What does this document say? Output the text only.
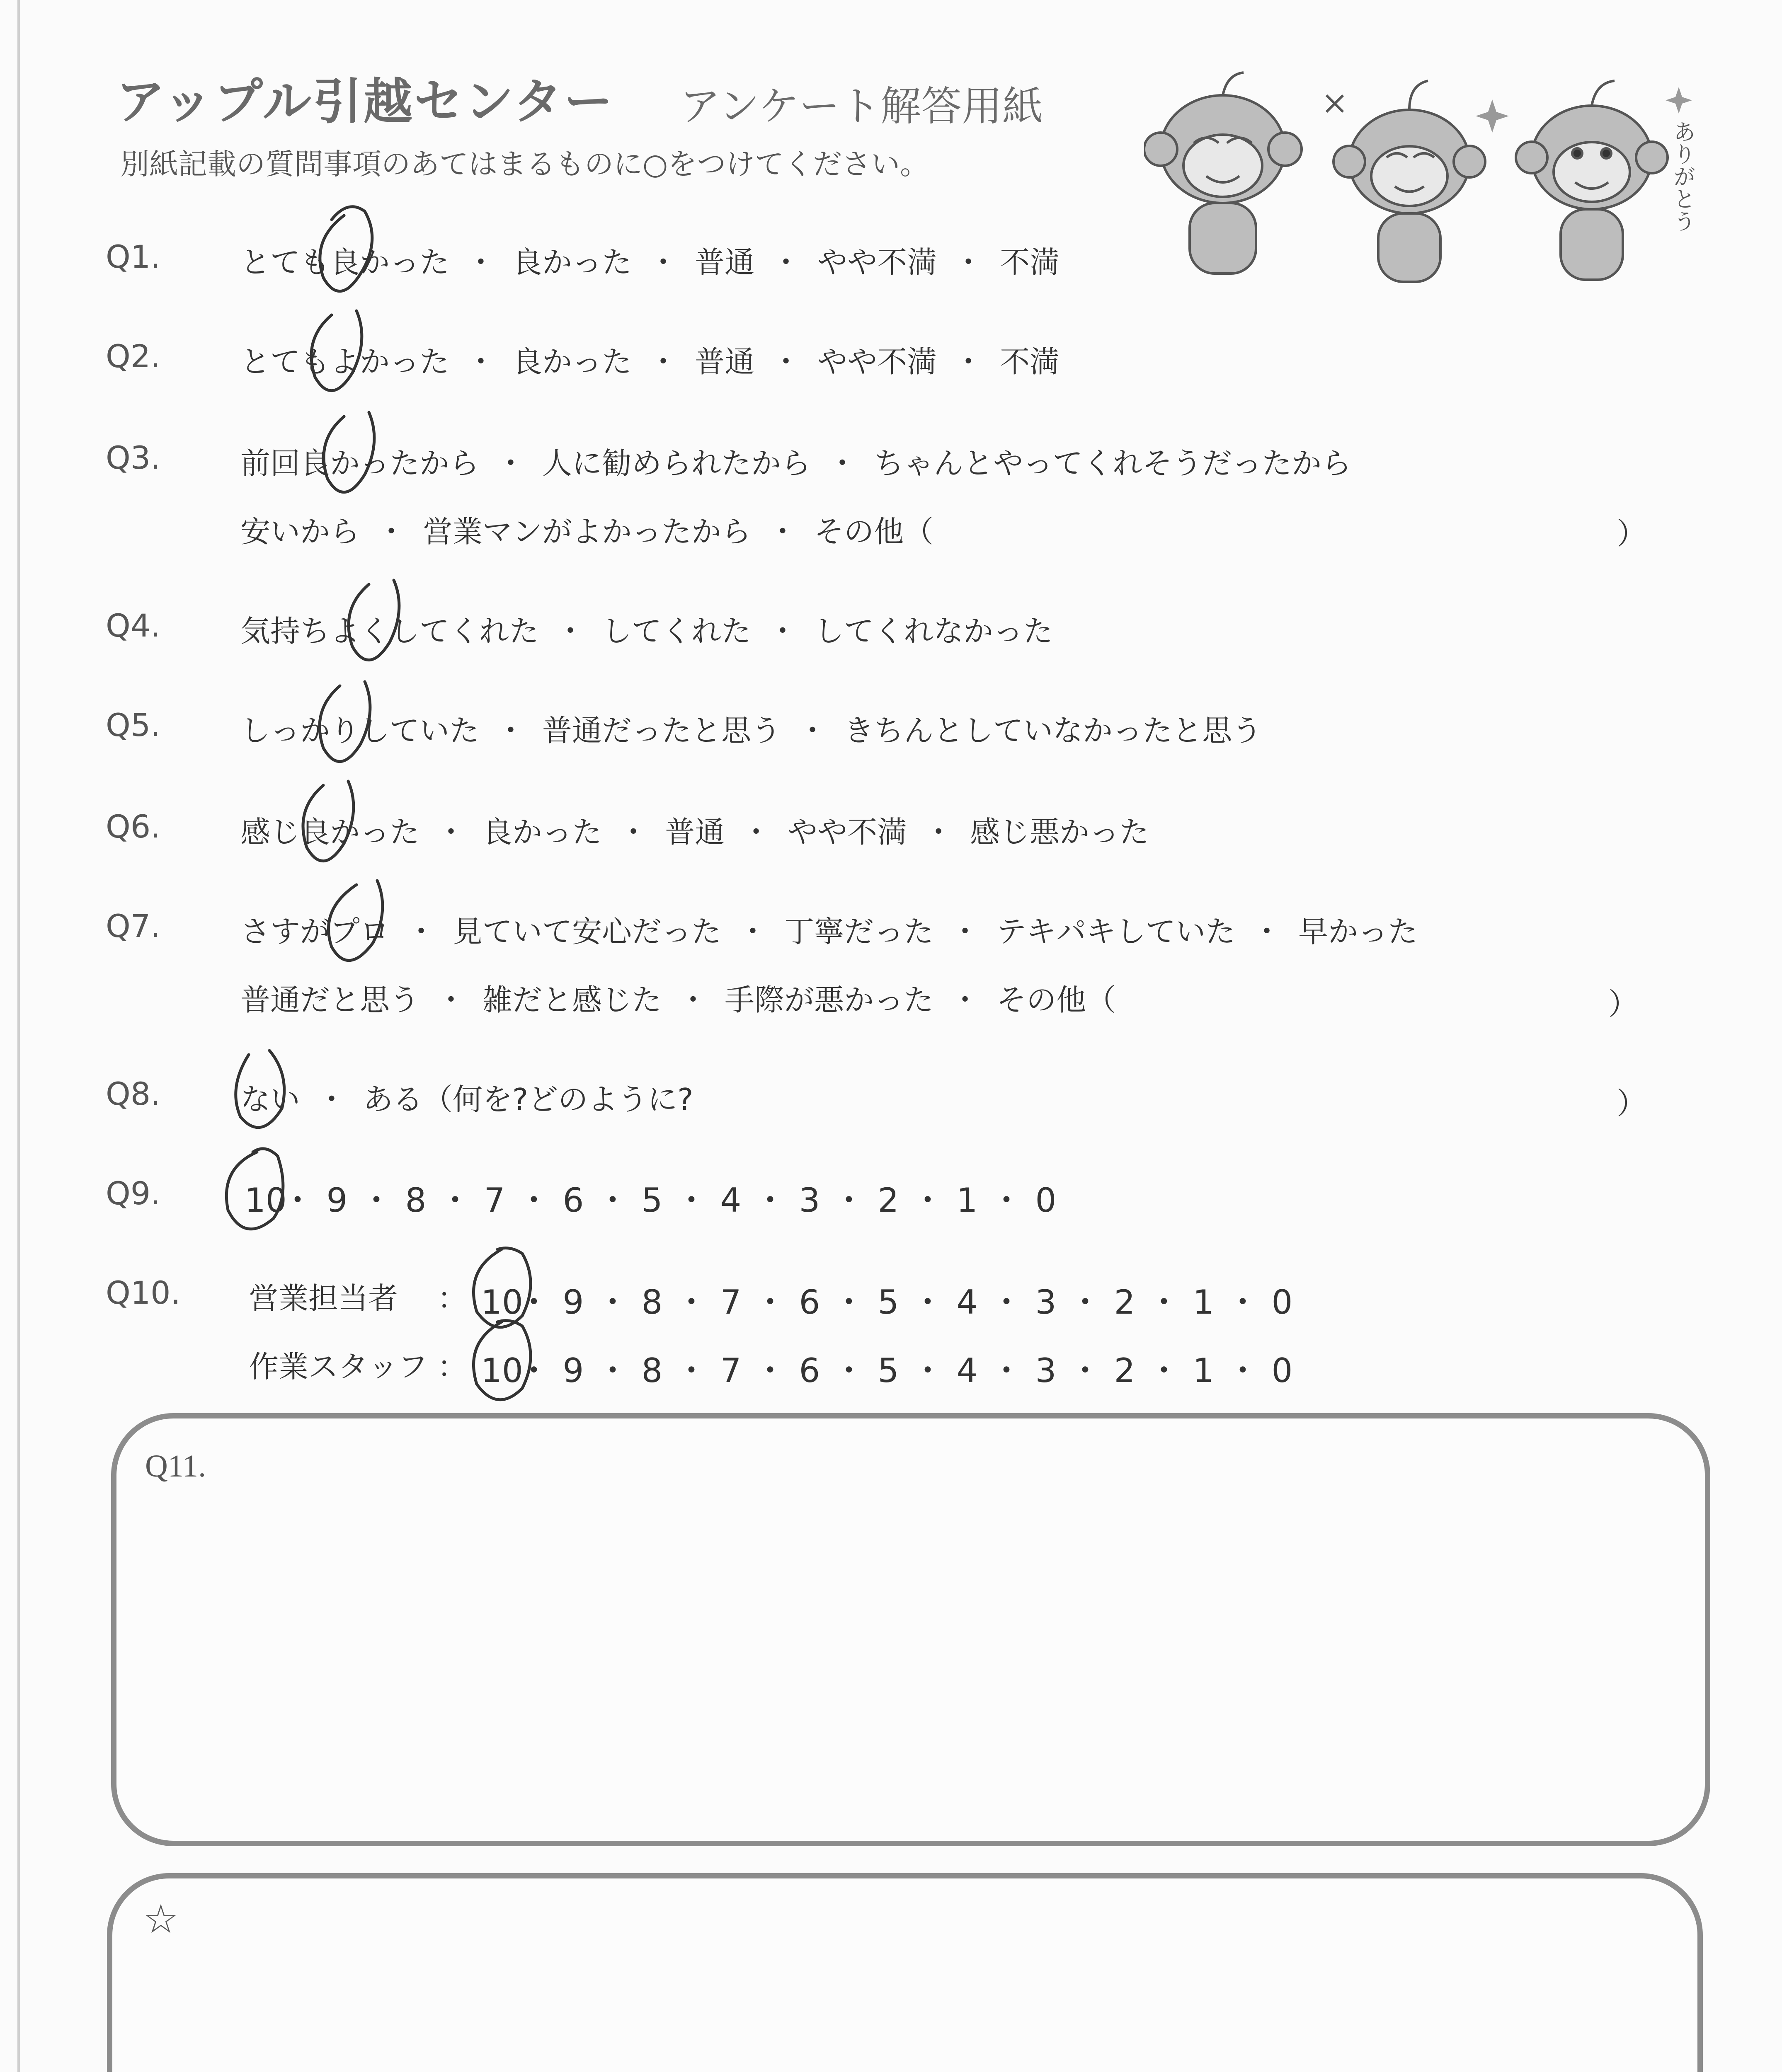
アップル引越センター アンケート解答用紙
別紙記載の質問事項のあてはまるものに○をつけてください。	ありがとう
Q1.	とても良かった ・ 良かった ・ 普通 ・ やや不満 ・ 不満
Q2.	とてもよかった ・ 良かった ・ 普通 ・ やや不満 ・ 不満
Q3.	前回良かったから ・ 人に勧められたから ・ ちゃんとやってくれそうだったから
安いから ・ 営業マンがよかったから ・ その他（	）
Q4.	気持ちよくしてくれた ・ してくれた ・ してくれなかった
Q5.	しっかりしていた ・ 普通だったと思う ・ きちんとしていなかったと思う
Q6.	感じ良かった ・ 良かった ・ 普通 ・ やや不満 ・ 感じ悪かった
Q7.	さすがプロ ・ 見ていて安心だった ・ 丁寧だった ・ テキパキしていた ・ 早かった
普通だと思う ・ 雑だと感じた ・ 手際が悪かった ・ その他（	）
Q8.	ない ・ ある（何を?どのように?	）
Q9.	10・ 9 ・ 8 ・ 7 ・ 6 ・ 5 ・ 4 ・ 3 ・ 2 ・ 1 ・ 0
Q10. 営業担当者 ： 10・ 9 ・ 8 ・ 7 ・ 6 ・ 5 ・ 4 ・ 3 ・ 2 ・ 1 ・ 0
作業スタッフ ： 10・ 9 ・ 8 ・ 7 ・ 6 ・ 5 ・ 4 ・ 3 ・ 2 ・ 1 ・ 0
Q11.
☆
